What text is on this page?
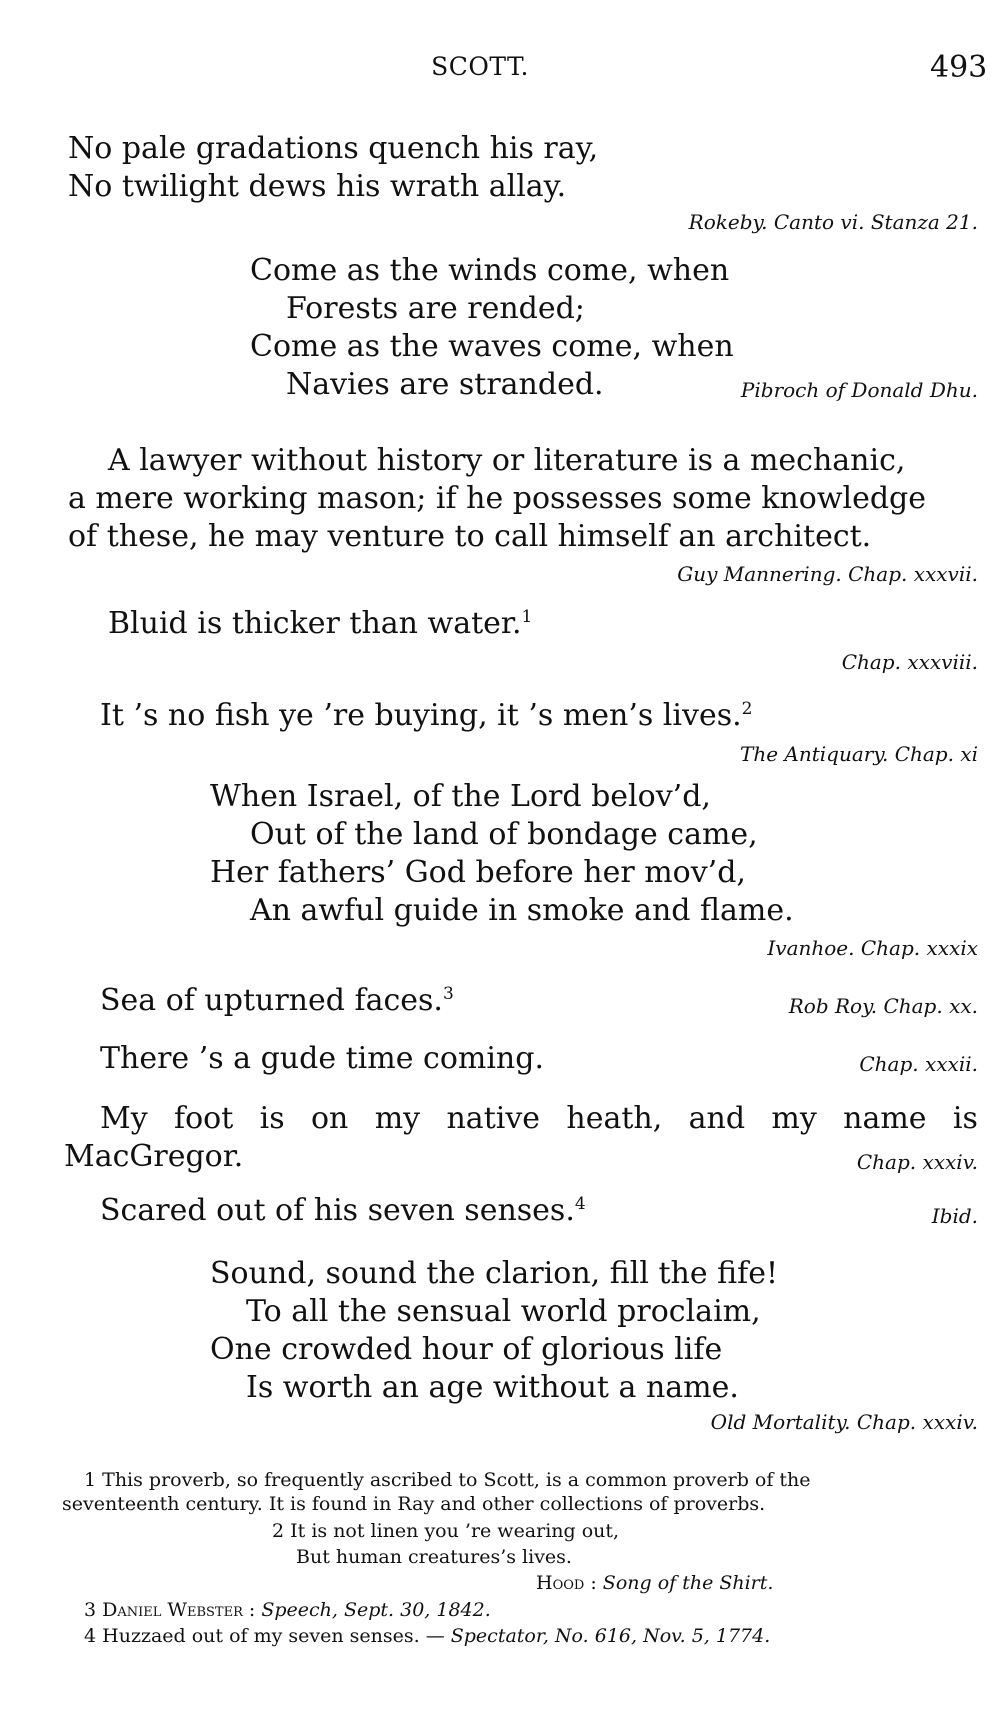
SCOTT.	493
No pale gradations quench his ray,
No twilight dews his wrath allay.
Rokeby. Canto vi. Stanza 21.
Come as the winds come, when
Forests are rended;
Come as the waves come, when
Navies are stranded.	Pibroch of Donald Dhu.
A lawyer without history or literature is a mechanic,
a mere working mason; if he possesses some knowledge
of these, he may venture to call himself an architect.
Guy Mannering. Chap. xxxvii.
Bluid is thicker than water.$^1$
Chap. xxxviii.
It ’s no fish ye ’re buying, it ’s men’s lives.$^2$
The Antiquary. Chap. xi
When Israel, of the Lord belov’d,
Out of the land of bondage came,
Her fathers’ God before her mov’d,
An awful guide in smoke and flame.
Ivanhoe. Chap. xxxix
Sea of upturned faces.$^3$	Rob Roy. Chap. xx.
There ’s a gude time coming.	Chap. xxxii.
My foot is on my native heath, and my name is
MacGregor.	Chap. xxxiv.
Scared out of his seven senses.$^4$	Ibid.
Sound, sound the clarion, fill the fife!
To all the sensual world proclaim,
One crowded hour of glorious life
Is worth an age without a name.
Old Mortality. Chap. xxxiv.
1 This proverb, so frequently ascribed to Scott, is a common proverb of the
seventeenth century. It is found in Ray and other collections of proverbs.
2 It is not linen you ’re wearing out,
But human creatures’s lives.
Hood : Song of the Shirt.
3 Daniel Webster : Speech, Sept. 30, 1842.
4 Huzzaed out of my seven senses. — Spectator, No. 616, Nov. 5, 1774.
